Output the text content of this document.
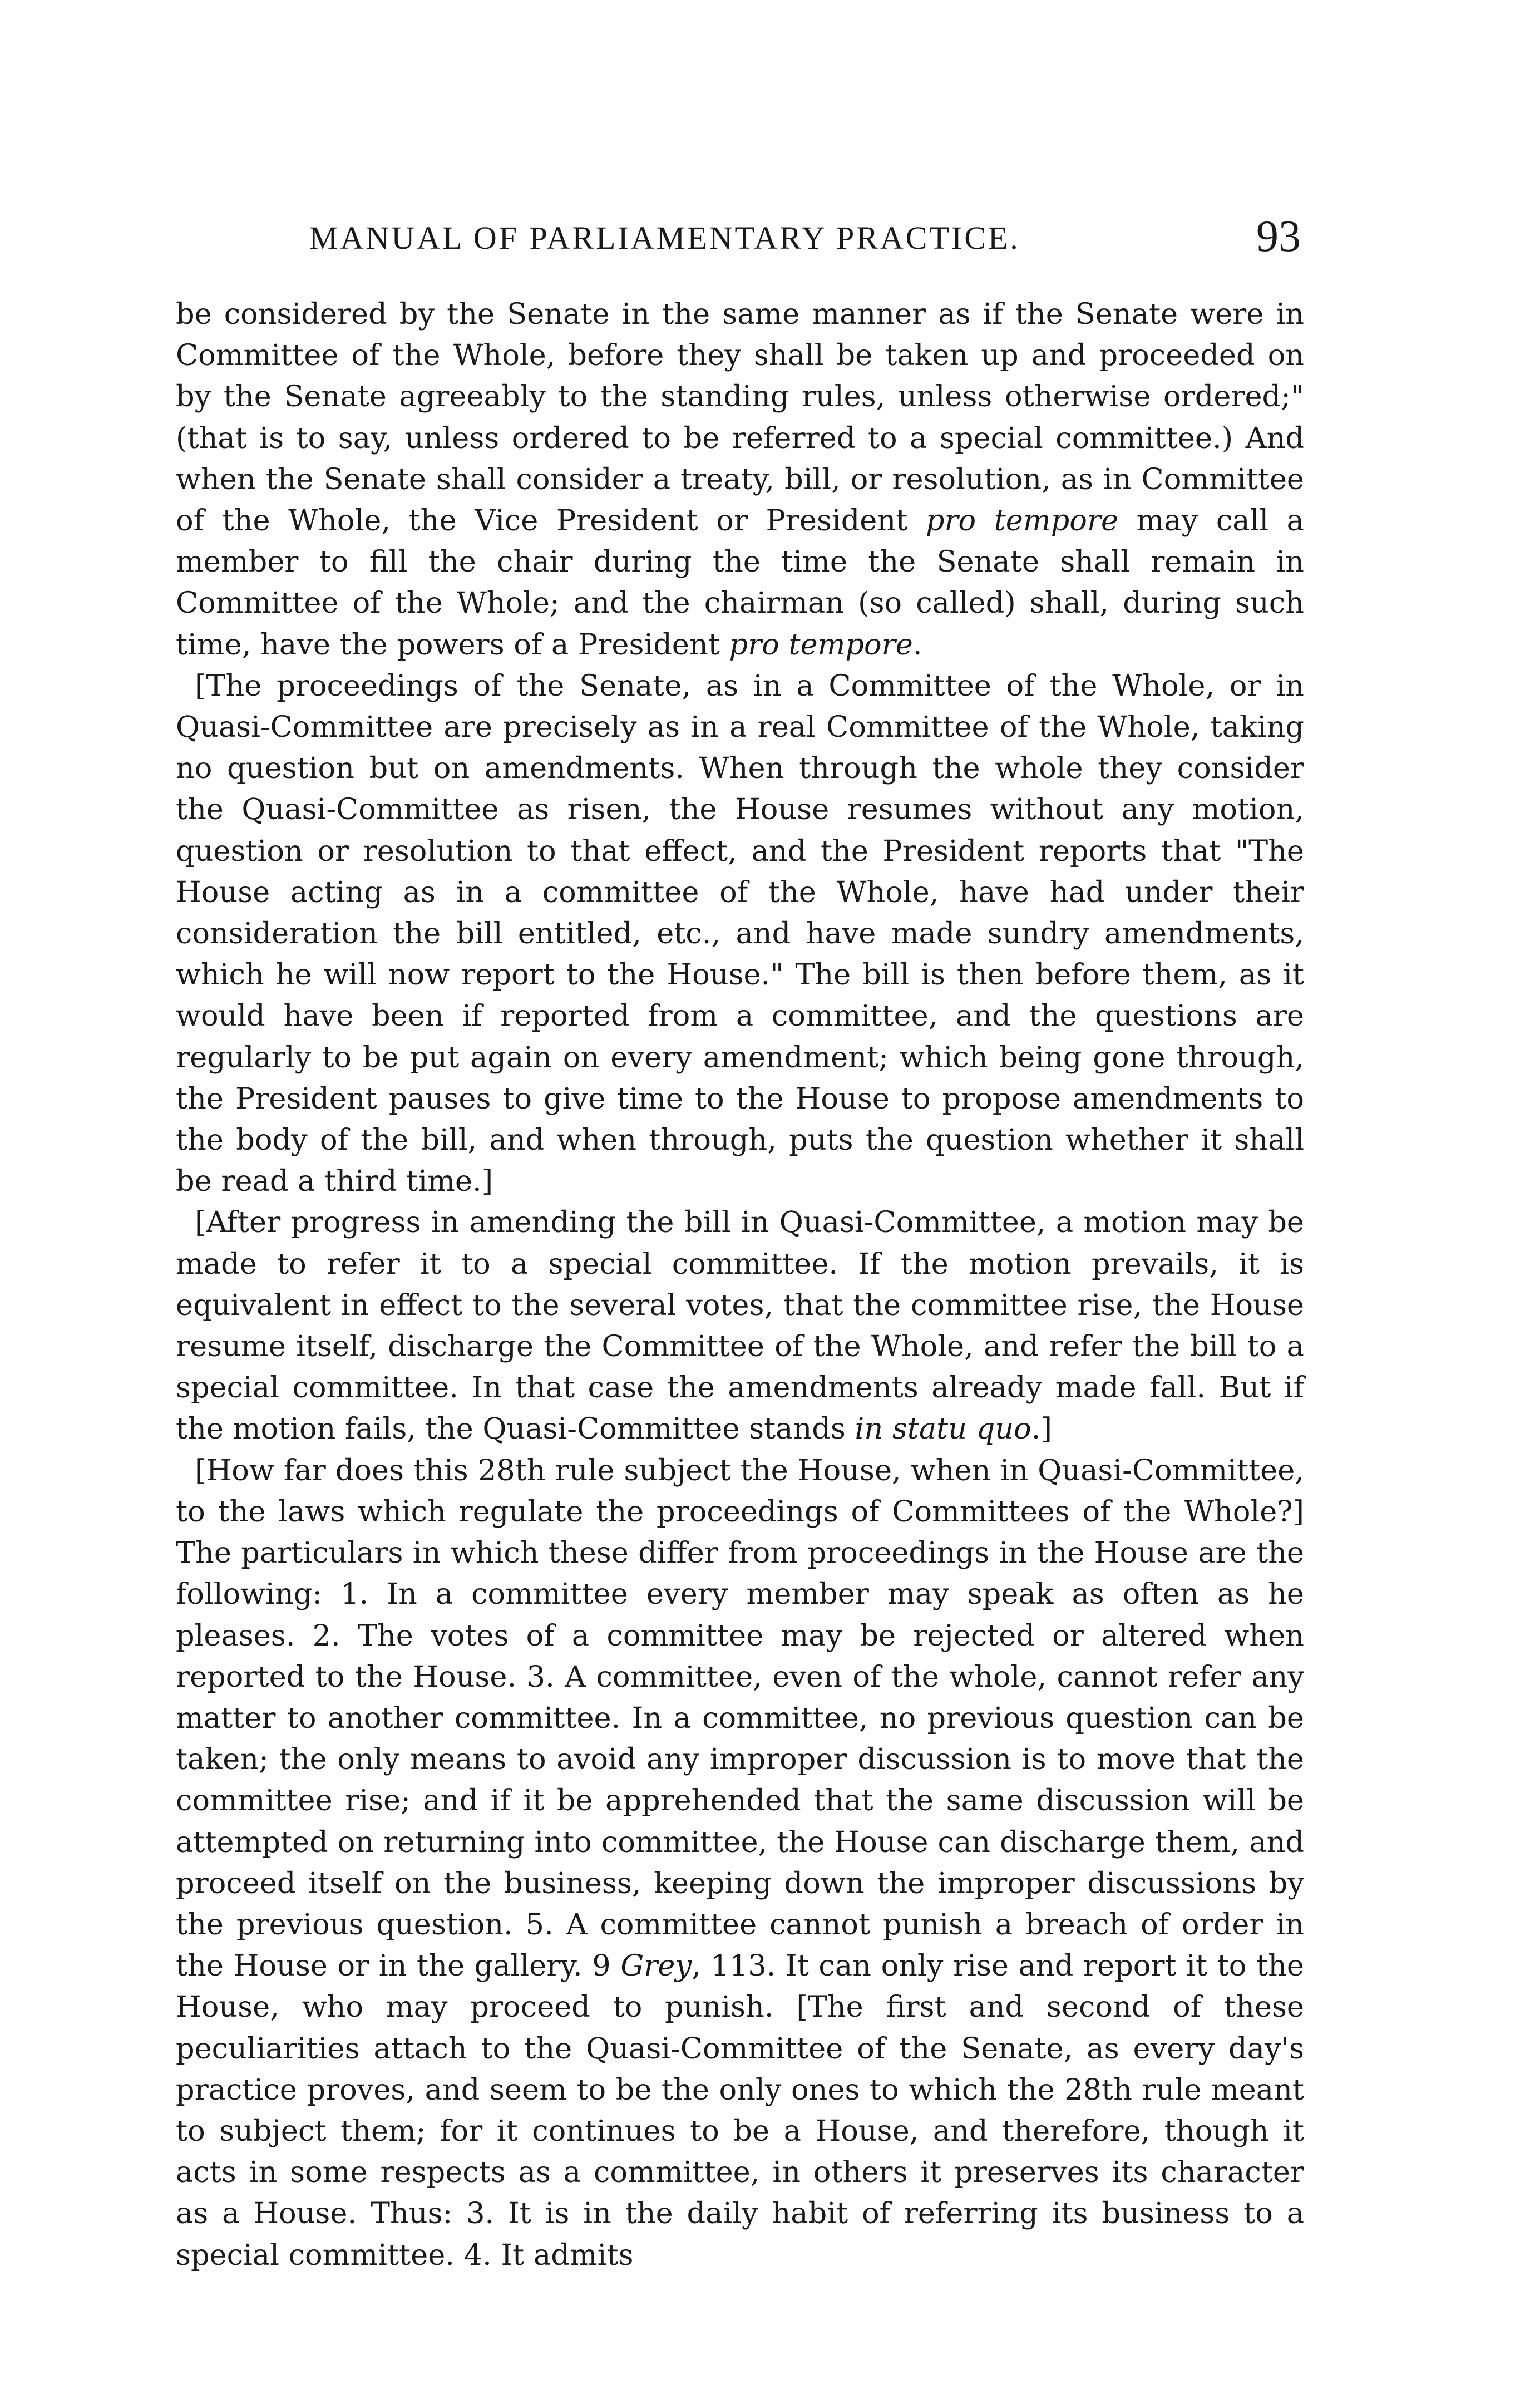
MANUAL OF PARLIAMENTARY PRACTICE.	93

be considered by the Senate in the same manner as if the Senate were in Committee of the Whole, before they shall be taken up and proceeded on by the Senate agreeably to the standing rules, unless otherwise ordered;" (that is to say, unless ordered to be referred to a special committee.) And when the Senate shall consider a treaty, bill, or resolution, as in Committee of the Whole, the Vice President or President pro tempore may call a member to fill the chair during the time the Senate shall remain in Committee of the Whole; and the chairman (so called) shall, during such time, have the powers of a President pro tempore.

[The proceedings of the Senate, as in a Committee of the Whole, or in Quasi-Committee are precisely as in a real Committee of the Whole, taking no question but on amendments. When through the whole they consider the Quasi-Committee as risen, the House resumes without any motion, question or resolution to that effect, and the President reports that "The House acting as in a committee of the Whole, have had under their consideration the bill entitled, etc., and have made sundry amendments, which he will now report to the House." The bill is then before them, as it would have been if reported from a committee, and the questions are regularly to be put again on every amendment; which being gone through, the President pauses to give time to the House to propose amendments to the body of the bill, and when through, puts the question whether it shall be read a third time.]

[After progress in amending the bill in Quasi-Committee, a motion may be made to refer it to a special committee. If the motion prevails, it is equivalent in effect to the several votes, that the committee rise, the House resume itself, discharge the Committee of the Whole, and refer the bill to a special committee. In that case the amendments already made fall. But if the motion fails, the Quasi-Committee stands in statu quo.]

[How far does this 28th rule subject the House, when in Quasi-Committee, to the laws which regulate the proceedings of Committees of the Whole?] The particulars in which these differ from proceedings in the House are the following: 1. In a committee every member may speak as often as he pleases. 2. The votes of a committee may be rejected or altered when reported to the House. 3. A committee, even of the whole, cannot refer any matter to another committee. In a committee, no previous question can be taken; the only means to avoid any improper discussion is to move that the committee rise; and if it be apprehended that the same discussion will be attempted on returning into committee, the House can discharge them, and proceed itself on the business, keeping down the improper discussions by the previous question. 5. A committee cannot punish a breach of order in the House or in the gallery. 9 Grey, 113. It can only rise and report it to the House, who may proceed to punish. [The first and second of these peculiarities attach to the Quasi-Committee of the Senate, as every day's practice proves, and seem to be the only ones to which the 28th rule meant to subject them; for it continues to be a House, and therefore, though it acts in some respects as a committee, in others it preserves its character as a House. Thus: 3. It is in the daily habit of referring its business to a special committee. 4. It admits
